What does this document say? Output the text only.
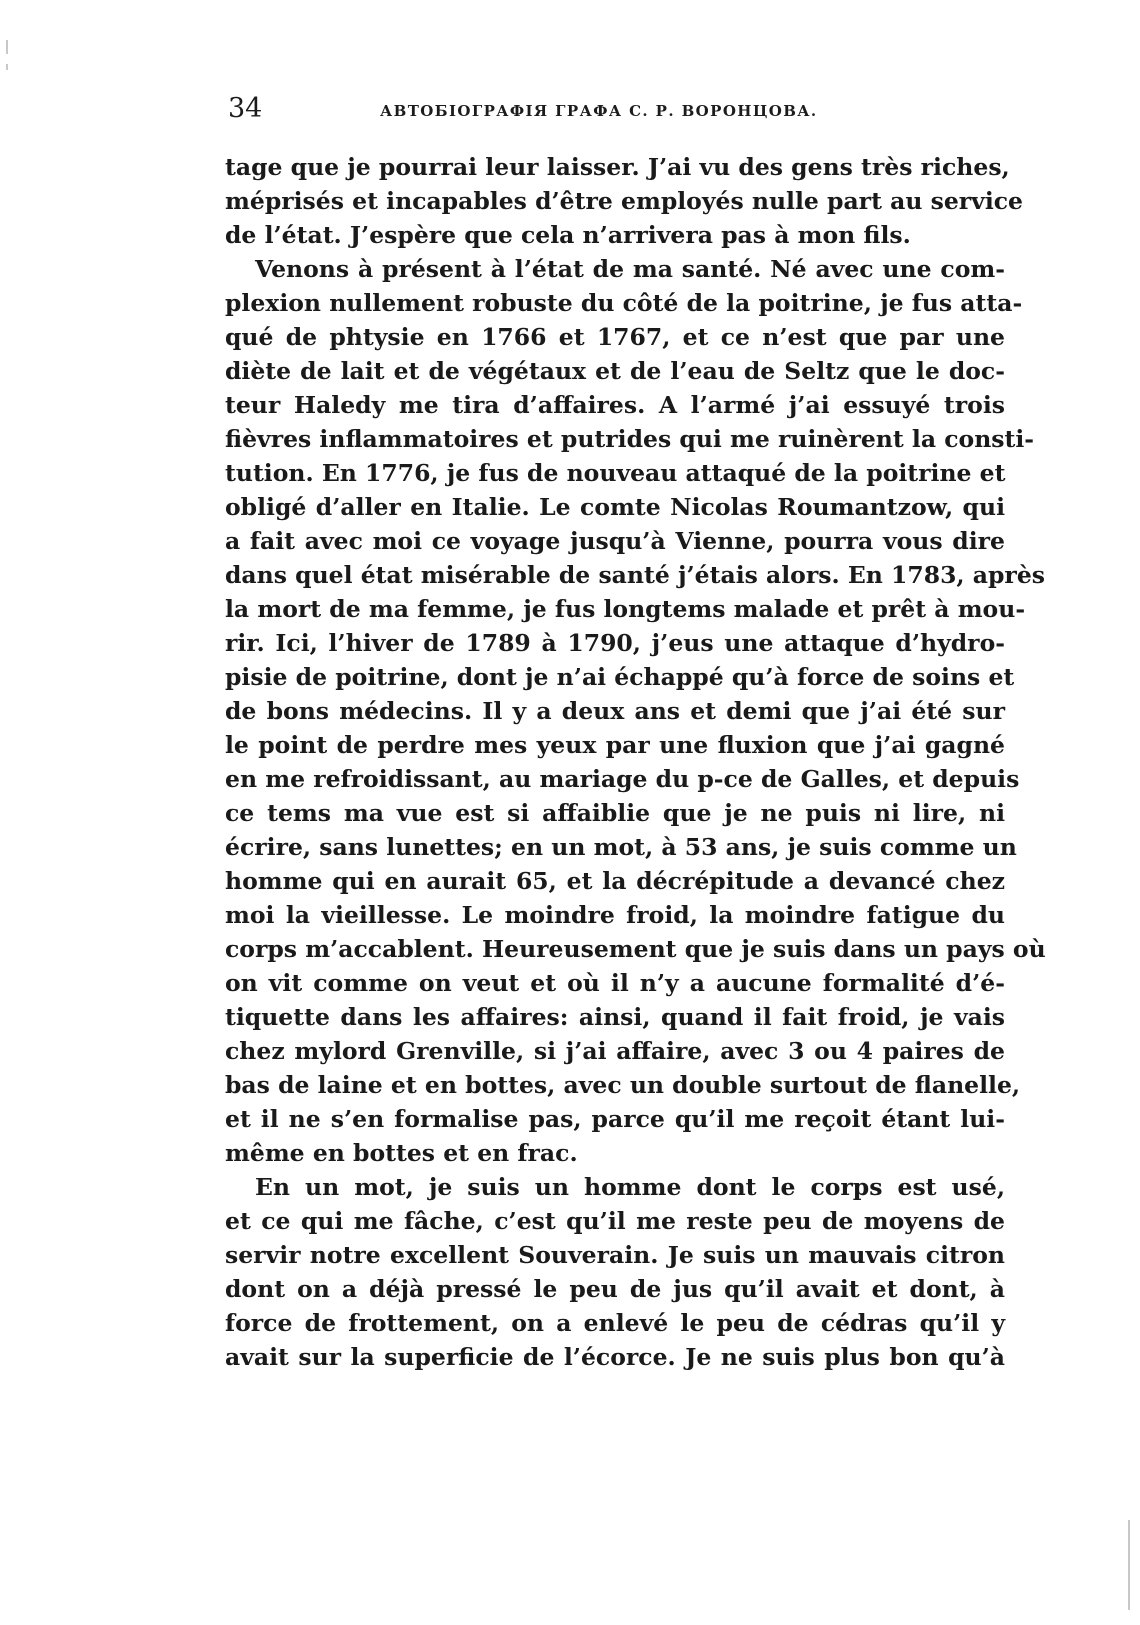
34	АВТОБІОГРАФІЯ ГРАФА С. Р. ВОРОНЦОВА.
tage que je pourrai leur laisser. J’ai vu des gens très riches,
méprisés et incapables d’être employés nulle part au service
de l’état. J’espère que cela n’arrivera pas à mon fils.
Venons à présent à l’état de ma santé. Né avec une com-
plexion nullement robuste du côté de la poitrine, je fus atta-
qué de phtysie en 1766 et 1767, et ce n’est que par une
diète de lait et de végétaux et de l’eau de Seltz que le doc-
teur Haledy me tira d’affaires. A l’armé j’ai essuyé trois
fièvres inflammatoires et putrides qui me ruinèrent la consti-
tution. En 1776, je fus de nouveau attaqué de la poitrine et
obligé d’aller en Italie. Le comte Nicolas Roumantzow, qui
a fait avec moi ce voyage jusqu’à Vienne, pourra vous dire
dans quel état misérable de santé j’étais alors. En 1783, après
la mort de ma femme, je fus longtems malade et prêt à mou-
rir. Ici, l’hiver de 1789 à 1790, j’eus une attaque d’hydro-
pisie de poitrine, dont je n’ai échappé qu’à force de soins et
de bons médecins. Il y a deux ans et demi que j’ai été sur
le point de perdre mes yeux par une fluxion que j’ai gagné
en me refroidissant, au mariage du p-ce de Galles, et depuis
ce tems ma vue est si affaiblie que je ne puis ni lire, ni
écrire, sans lunettes; en un mot, à 53 ans, je suis comme un
homme qui en aurait 65, et la décrépitude a devancé chez
moi la vieillesse. Le moindre froid, la moindre fatigue du
corps m’accablent. Heureusement que je suis dans un pays où
on vit comme on veut et où il n’y a aucune formalité d’é-
tiquette dans les affaires: ainsi, quand il fait froid, je vais
chez mylord Grenville, si j’ai affaire, avec 3 ou 4 paires de
bas de laine et en bottes, avec un double surtout de flanelle,
et il ne s’en formalise pas, parce qu’il me reçoit étant lui-
même en bottes et en frac.
En un mot, je suis un homme dont le corps est usé,
et ce qui me fâche, c’est qu’il me reste peu de moyens de
servir notre excellent Souverain. Je suis un mauvais citron
dont on a déjà pressé le peu de jus qu’il avait et dont, à
force de frottement, on a enlevé le peu de cédras qu’il y
avait sur la superficie de l’écorce. Je ne suis plus bon qu’à
